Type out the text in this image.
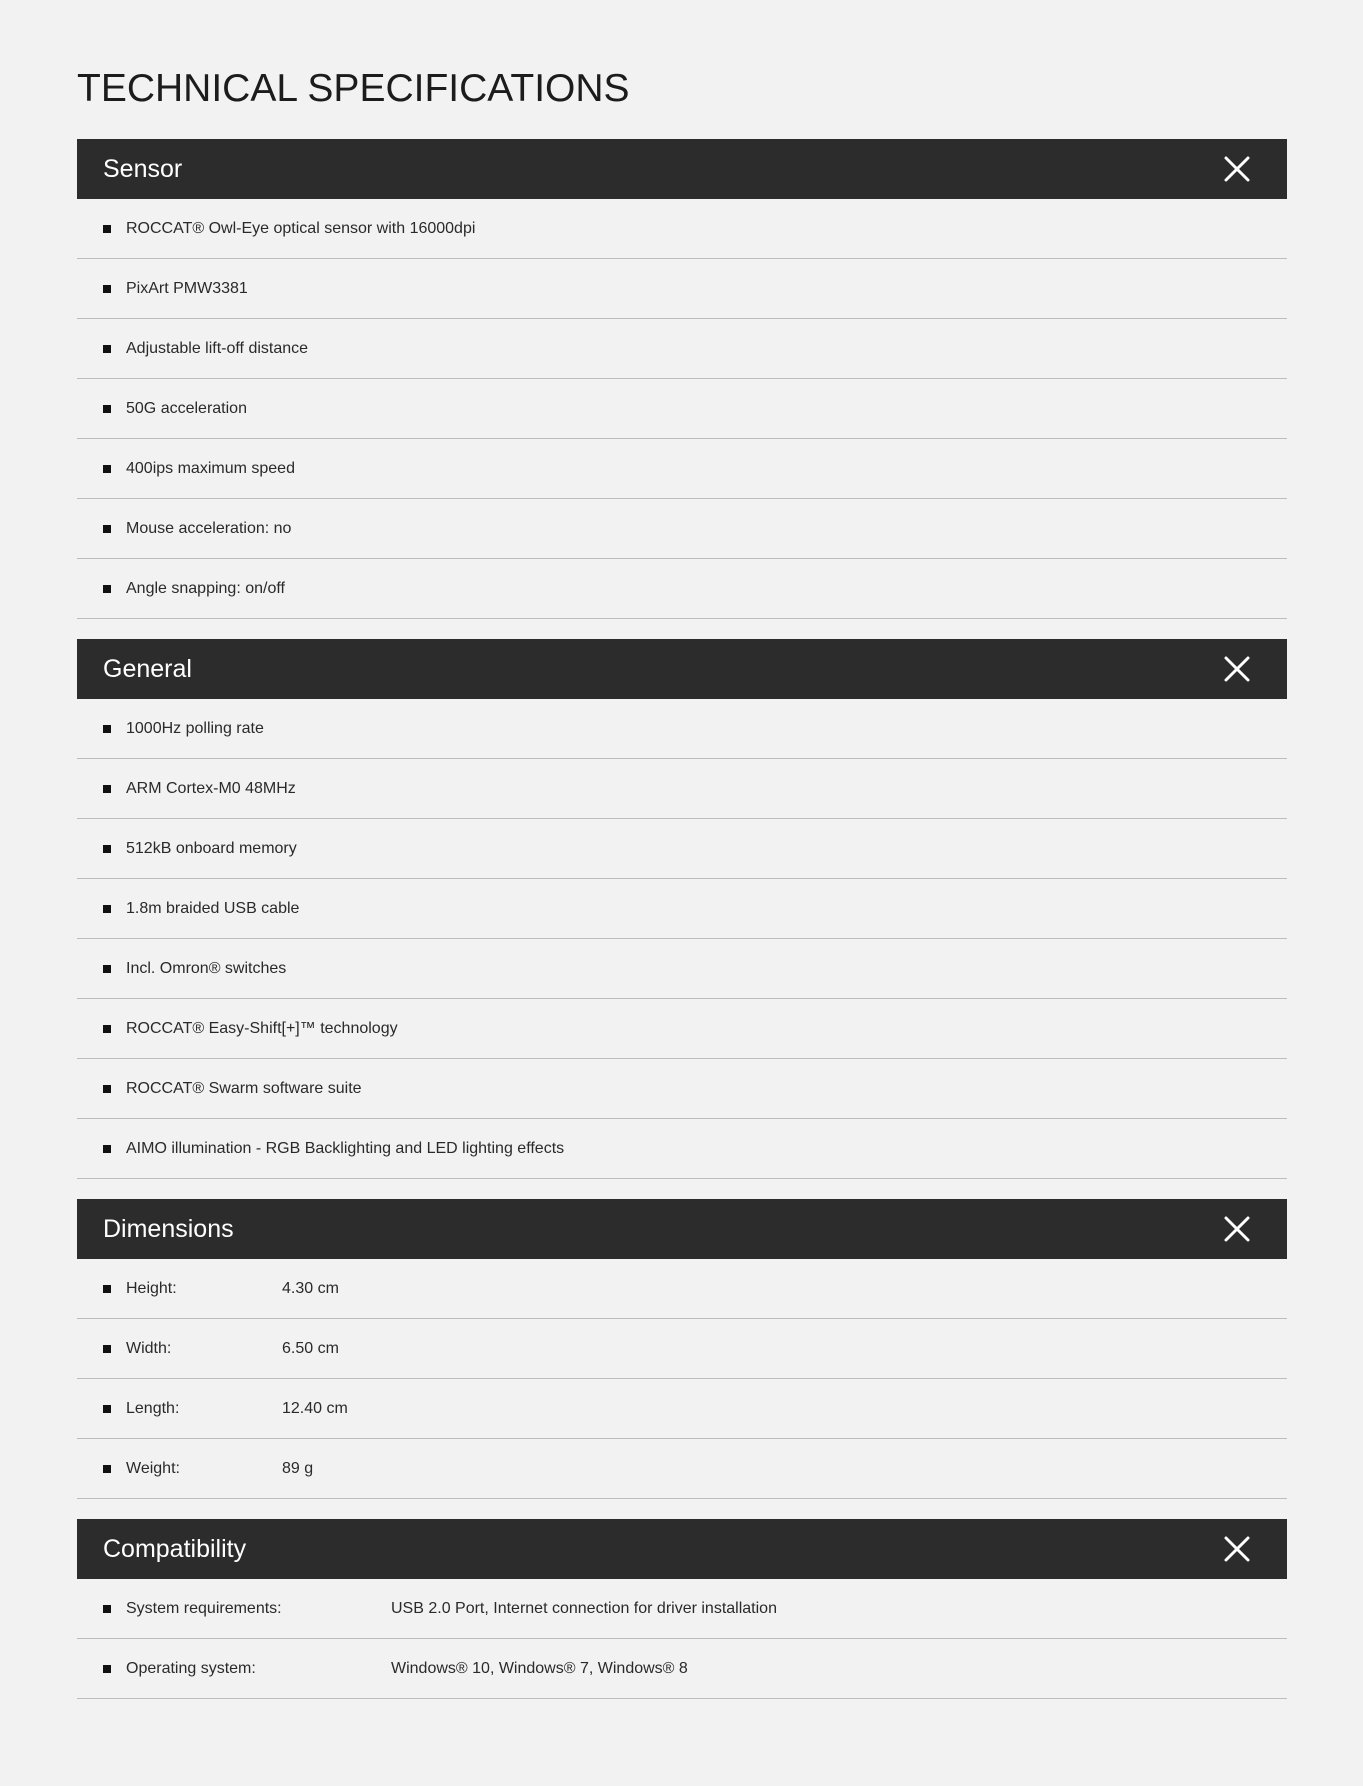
TECHNICAL SPECIFICATIONS
Sensor
ROCCAT® Owl-Eye optical sensor with 16000dpi
PixArt PMW3381
Adjustable lift-off distance
50G acceleration
400ips maximum speed
Mouse acceleration: no
Angle snapping: on/off
General
1000Hz polling rate
ARM Cortex-M0 48MHz
512kB onboard memory
1.8m braided USB cable
Incl. Omron® switches
ROCCAT® Easy-Shift[+]™ technology
ROCCAT® Swarm software suite
AIMO illumination - RGB Backlighting and LED lighting effects
Dimensions
Height:	4.30 cm
Width:	6.50 cm
Length:	12.40 cm
Weight:	89 g
Compatibility
System requirements:	USB 2.0 Port, Internet connection for driver installation
Operating system:	Windows® 10, Windows® 7, Windows® 8
